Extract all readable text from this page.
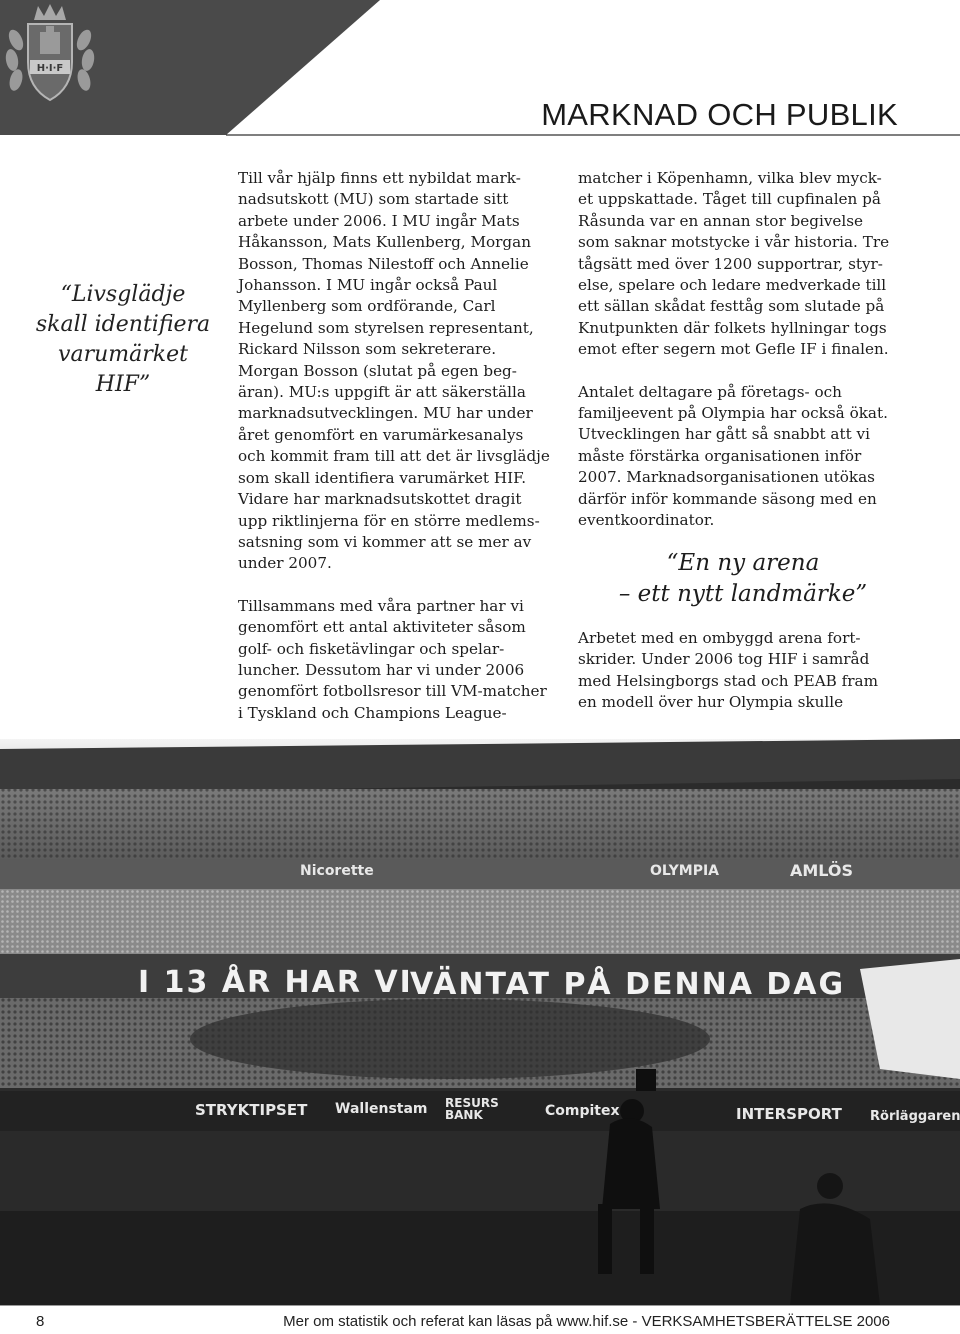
H·I·F
MARKNAD OCH PUBLIK
“Livsglädje
skall identifiera
varumärket
HIF”

Till vår hjälp finns ett nybildat mark-
nadsutskott (MU) som startade sitt
arbete under 2006. I MU ingår Mats
Håkansson, Mats Kullenberg, Morgan
Bosson, Thomas Nilestoff och Annelie
Johansson. I MU ingår också Paul
Myllenberg som ordförande, Carl
Hegelund som styrelsen representant,
Rickard Nilsson som sekreterare.
Morgan Bosson (slutat på egen beg-
äran). MU:s uppgift är att säkerställa
marknadsutvecklingen. MU har under
året genomfört en varumärkesanalys
och kommit fram till att det är livsglädje
som skall identifiera varumärket HIF.
Vidare har marknadsutskottet dragit
upp riktlinjerna för en större medlems-
satsning som vi kommer att se mer av
under 2007.

Tillsammans med våra partner har vi
genomfört ett antal aktiviteter såsom
golf- och fisketävlingar och spelar-
luncher. Dessutom har vi under 2006
genomfört fotbollsresor till VM-matcher
i Tyskland och Champions League-

matcher i Köpenhamn, vilka blev myck-
et uppskattade. Tåget till cupfinalen på
Råsunda var en annan stor begivelse
som saknar motstycke i vår historia. Tre
tågsätt med över 1200 supportrar, styr-
else, spelare och ledare medverkade till
ett sällan skådat festtåg som slutade på
Knutpunkten där folkets hyllningar togs
emot efter segern mot Gefle IF i finalen.

Antalet deltagare på företags- och
familjeevent på Olympia har också ökat.
Utvecklingen har gått så snabbt att vi
måste förstärka organisationen inför
2007. Marknadsorganisationen utökas
därför inför kommande säsong med en
eventkoordinator.

“En ny arena
– ett nytt landmärke”

Arbetet med en ombyggd arena fort-
skrider. Under 2006 tog HIF i samråd
med Helsingborgs stad och PEAB fram
en modell över hur Olympia skulle

I 13 ÅR HAR VI
VÄNTAT PÅ DENNA DAG
STRYKTIPSET Wallenstam RESURS BANK	Compitex	INTERSPORT Rörläggaren
Nicorette	OLYMPIA	AMLÖS
8	Mer om statistik och referat kan läsas på www.hif.se - VERKSAMHETSBERÄTTELSE 2006
